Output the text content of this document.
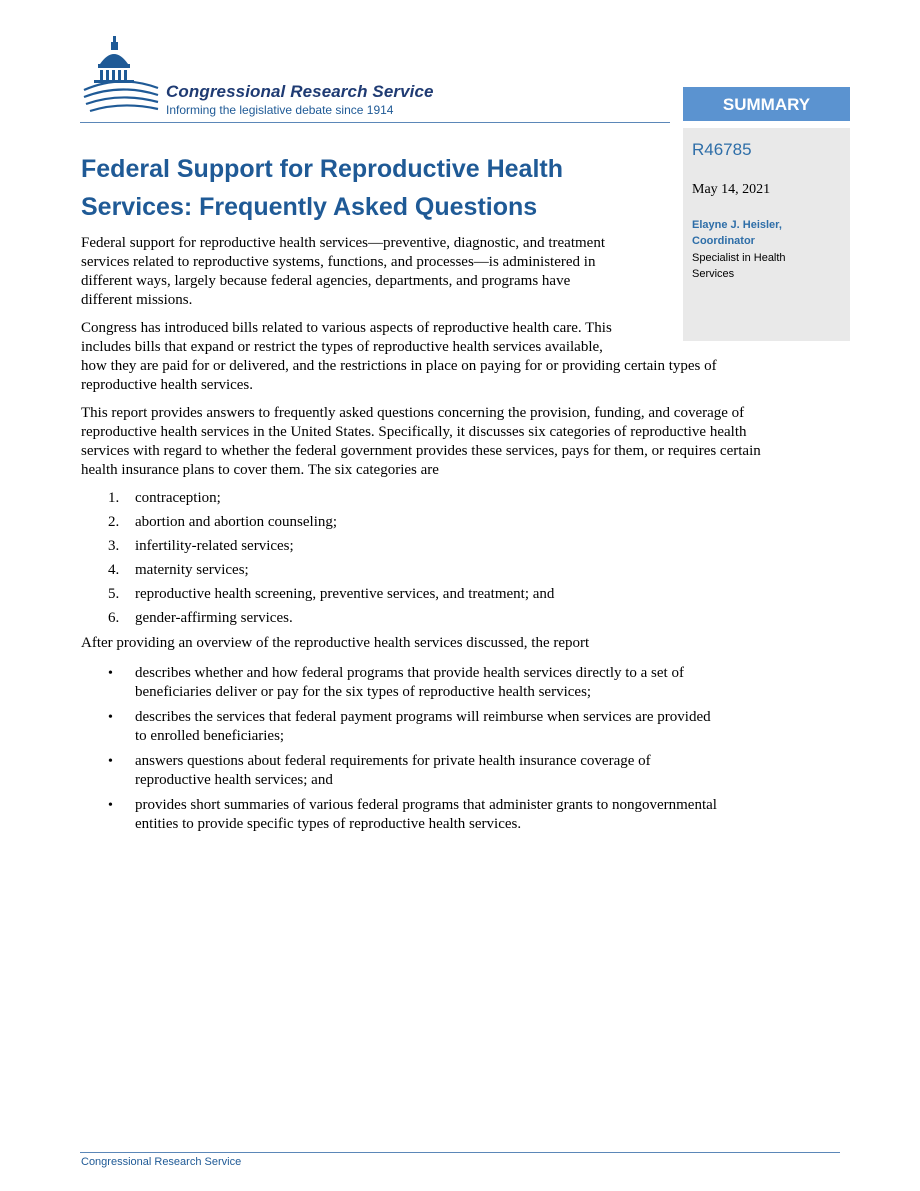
Congressional Research Service
Informing the legislative debate since 1914	SUMMARY
R46785
May 14, 2021
Elayne J. Heisler,
Coordinator
Specialist in Health
Services
Federal Support for Reproductive Health
Services: Frequently Asked Questions

Federal support for reproductive health services—preventive, diagnostic, and treatment
services related to reproductive systems, functions, and processes—is administered in
different ways, largely because federal agencies, departments, and programs have
different missions.

Congress has introduced bills related to various aspects of reproductive health care. This
includes bills that expand or restrict the types of reproductive health services available,
how they are paid for or delivered, and the restrictions in place on paying for or providing certain types of
reproductive health services.

This report provides answers to frequently asked questions concerning the provision, funding, and coverage of
reproductive health services in the United States. Specifically, it discusses six categories of reproductive health
services with regard to whether the federal government provides these services, pays for them, or requires certain
health insurance plans to cover them. The six categories are

1. contraception;
2. abortion and abortion counseling;
3. infertility-related services;
4. maternity services;
5. reproductive health screening, preventive services, and treatment; and
6. gender-affirming services.

After providing an overview of the reproductive health services discussed, the report

•	describes whether and how federal programs that provide health services directly to a set of
beneficiaries deliver or pay for the six types of reproductive health services;
•	describes the services that federal payment programs will reimburse when services are provided
to enrolled beneficiaries;
•	answers questions about federal requirements for private health insurance coverage of
reproductive health services; and
•	provides short summaries of various federal programs that administer grants to nongovernmental
entities to provide specific types of reproductive health services.
Congressional Research Service
